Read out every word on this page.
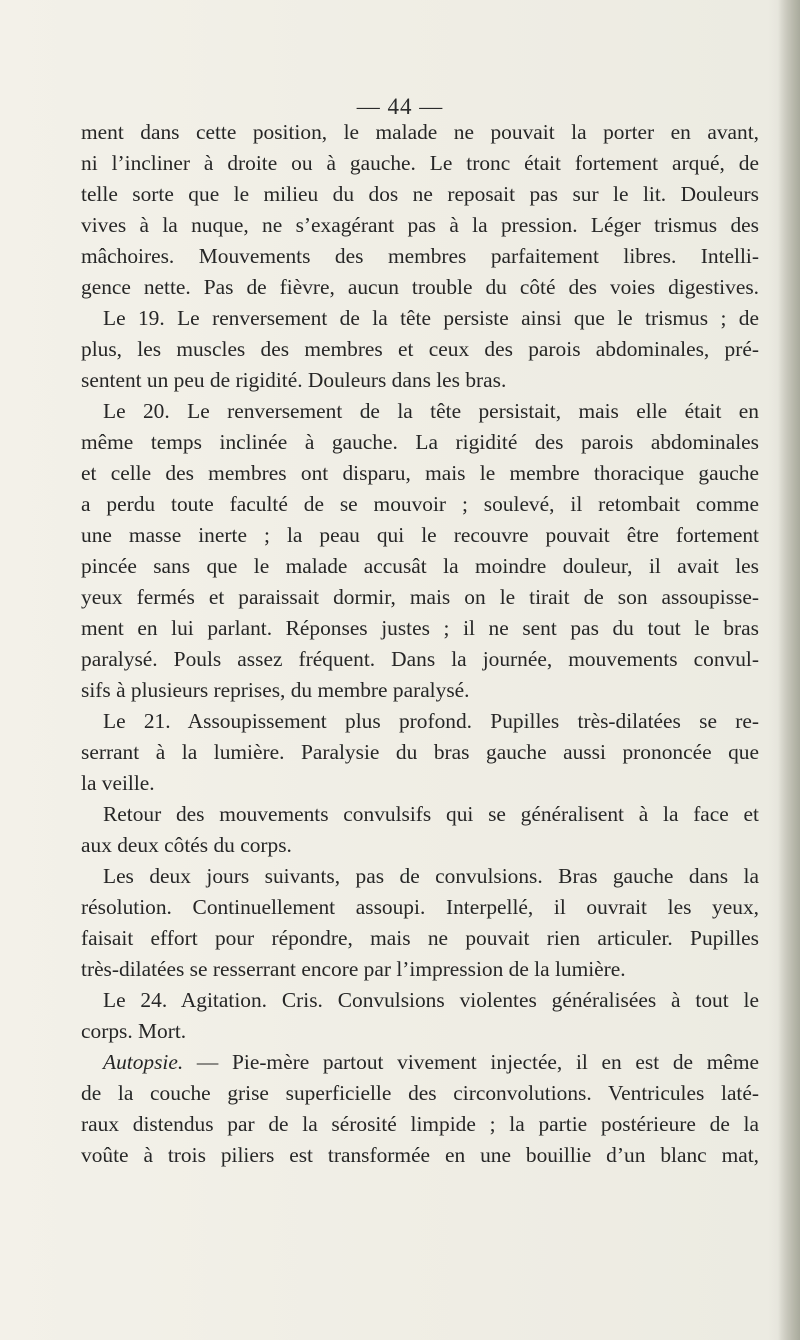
— 44 —
ment dans cette position, le malade ne pouvait la porter en avant,
ni l’incliner à droite ou à gauche. Le tronc était fortement arqué, de
telle sorte que le milieu du dos ne reposait pas sur le lit. Douleurs
vives à la nuque, ne s’exagérant pas à la pression. Léger trismus des
mâchoires. Mouvements des membres parfaitement libres. Intelli-
gence nette. Pas de fièvre, aucun trouble du côté des voies digestives.
Le 19. Le renversement de la tête persiste ainsi que le trismus ; de
plus, les muscles des membres et ceux des parois abdominales, pré-
sentent un peu de rigidité. Douleurs dans les bras.
Le 20. Le renversement de la tête persistait, mais elle était en
même temps inclinée à gauche. La rigidité des parois abdominales
et celle des membres ont disparu, mais le membre thoracique gauche
a perdu toute faculté de se mouvoir ; soulevé, il retombait comme
une masse inerte ; la peau qui le recouvre pouvait être fortement
pincée sans que le malade accusât la moindre douleur, il avait les
yeux fermés et paraissait dormir, mais on le tirait de son assoupisse-
ment en lui parlant. Réponses justes ; il ne sent pas du tout le bras
paralysé. Pouls assez fréquent. Dans la journée, mouvements convul-
sifs à plusieurs reprises, du membre paralysé.
Le 21. Assoupissement plus profond. Pupilles très-dilatées se re-
serrant à la lumière. Paralysie du bras gauche aussi prononcée que
la veille.
Retour des mouvements convulsifs qui se généralisent à la face et
aux deux côtés du corps.
Les deux jours suivants, pas de convulsions. Bras gauche dans la
résolution. Continuellement assoupi. Interpellé, il ouvrait les yeux,
faisait effort pour répondre, mais ne pouvait rien articuler. Pupilles
très-dilatées se resserrant encore par l’impression de la lumière.
Le 24. Agitation. Cris. Convulsions violentes généralisées à tout le
corps. Mort.
Autopsie. — Pie-mère partout vivement injectée, il en est de même
de la couche grise superficielle des circonvolutions. Ventricules laté-
raux distendus par de la sérosité limpide ; la partie postérieure de la
voûte à trois piliers est transformée en une bouillie d’un blanc mat,
